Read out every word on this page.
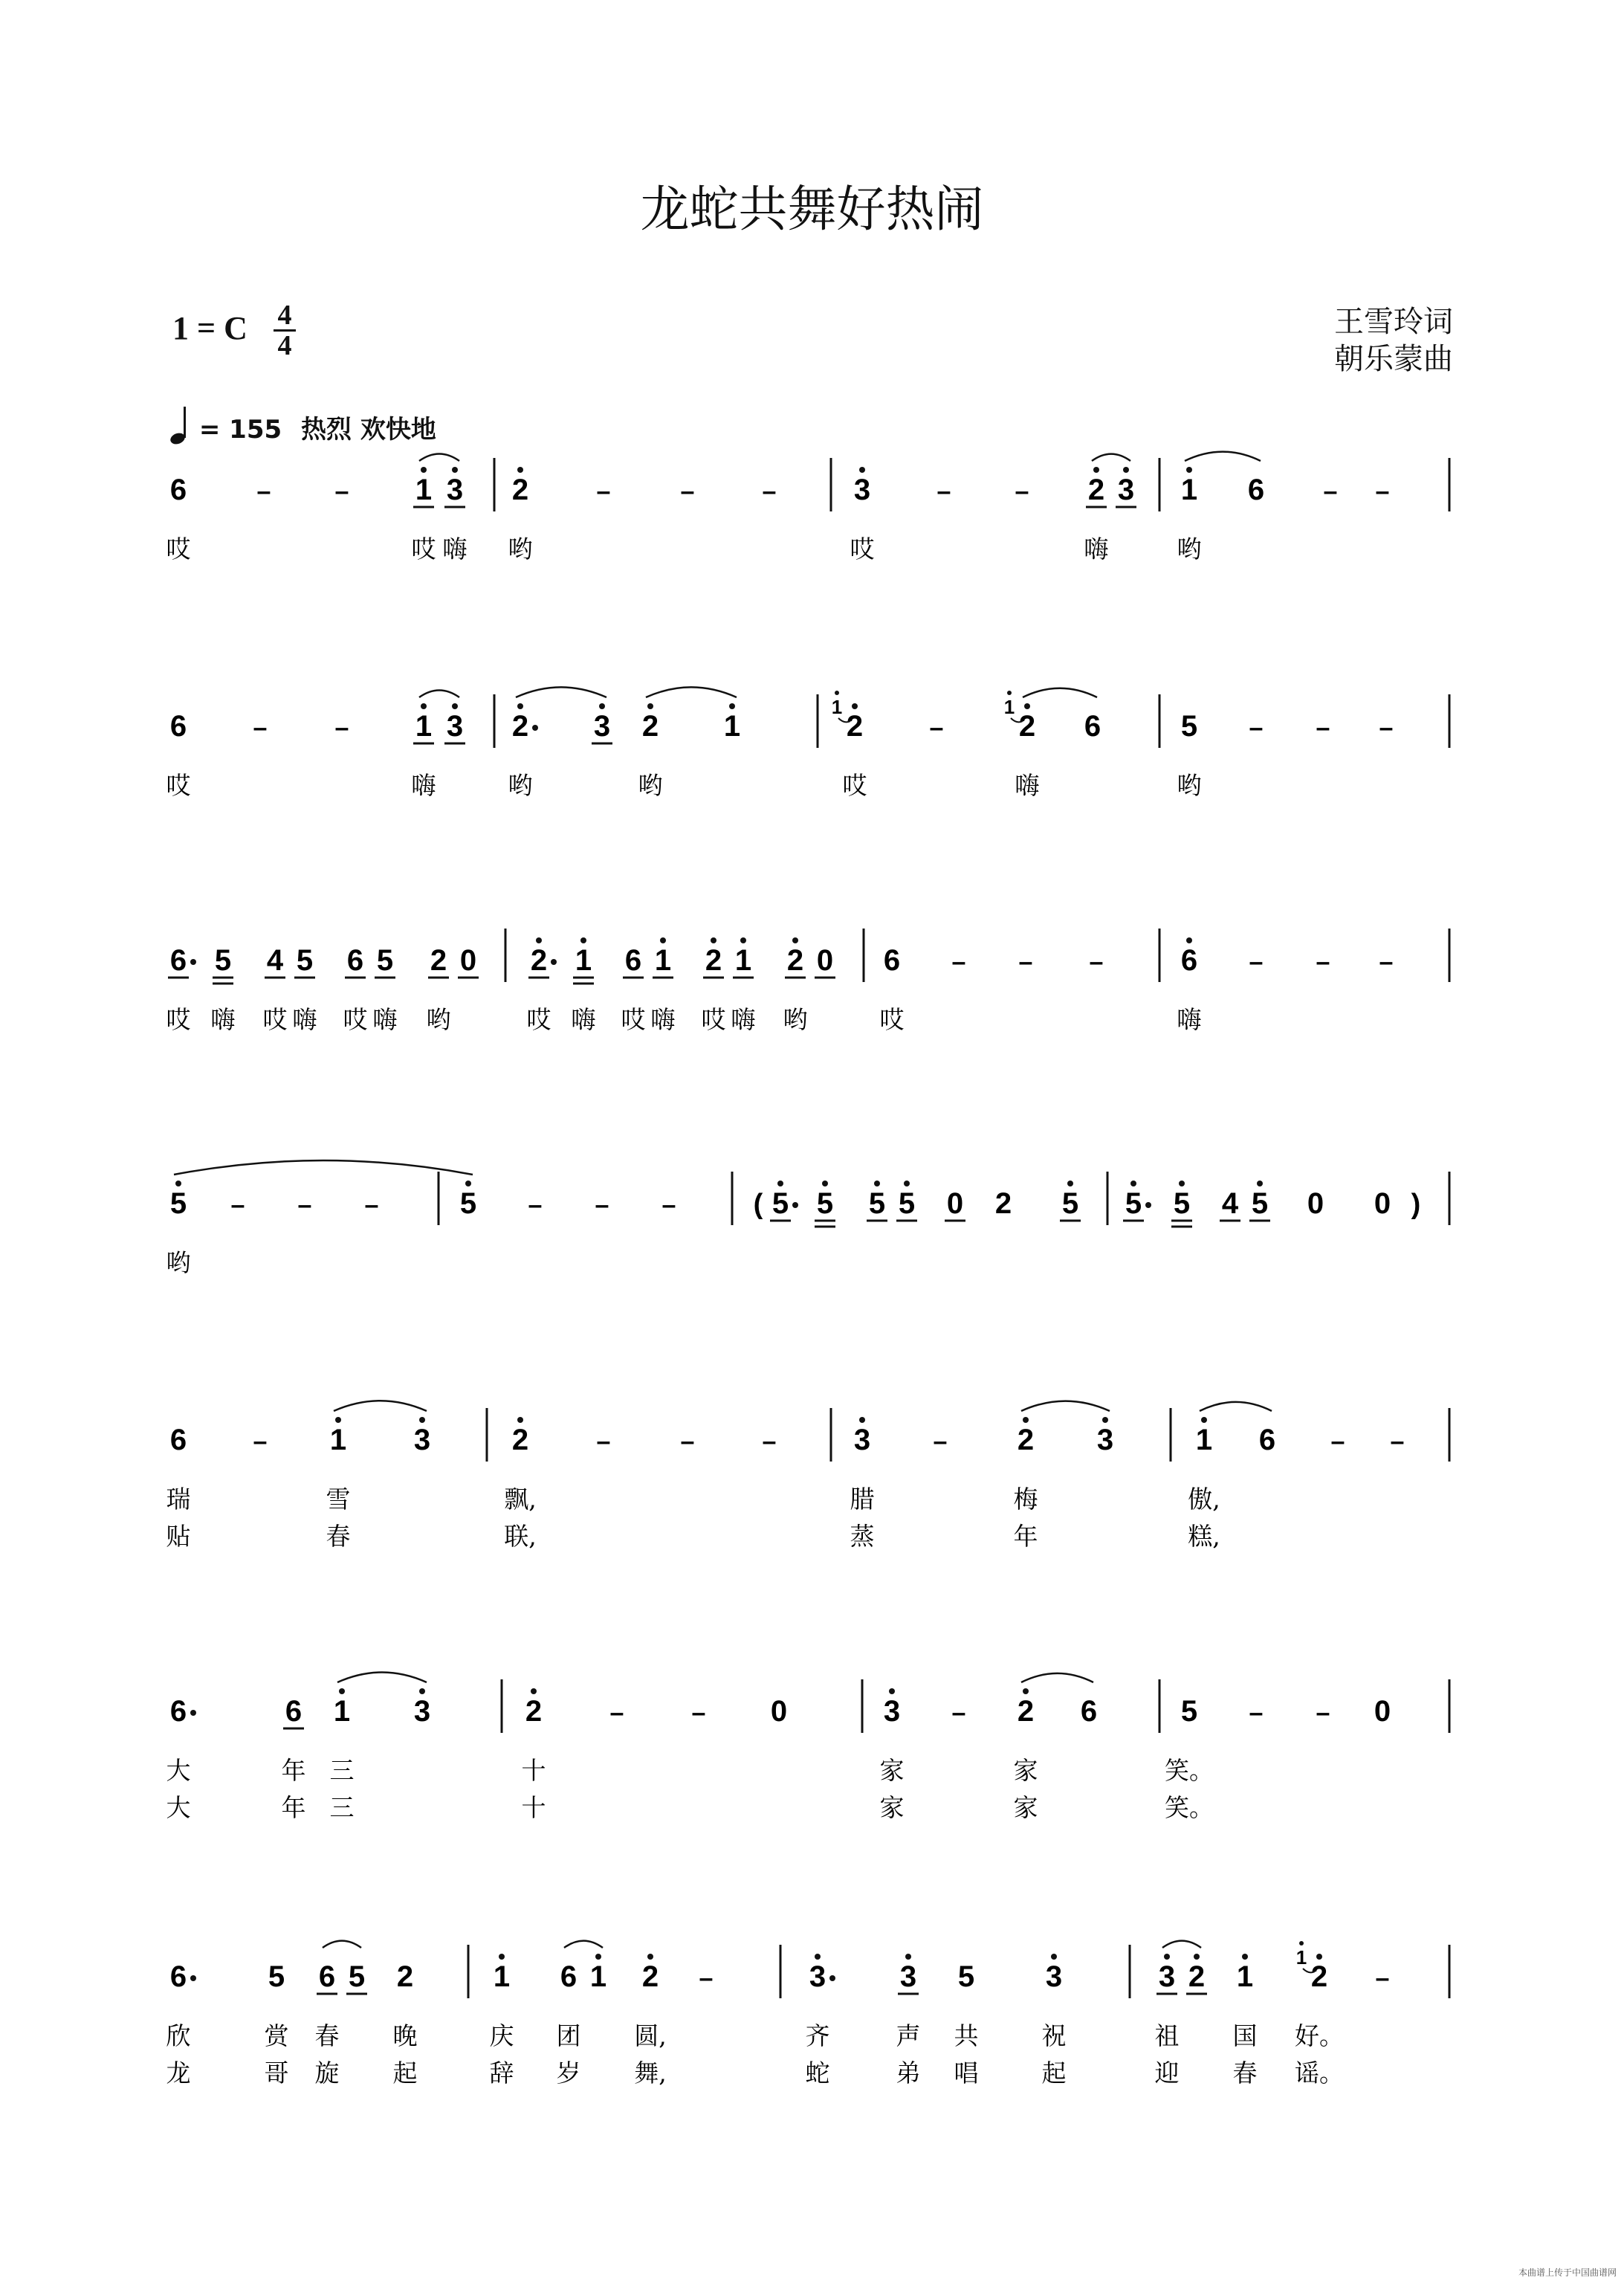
龙蛇共舞好热闹
1 = C 4
4
王雪玲词
朝乐蒙曲
= 155 热烈 欢快地
6	–	– 1 3 2	–	–	–	3	–	– 2 3 1 6 – –
哎	哎 嗨 哟	哎	嗨	哟
6	–	– 1 3 2 3 2 1	2
1
–	2
1
6	5 – – –
哎	嗨	哟	哟	哎	嗨	哟
6 5 4 5 6 5 2 0 2 1 6 1 2 1 2 0 6 – – –	6 – – –
哎 嗨 哎 嗨 哎 嗨 哟	哎 嗨 哎 嗨 哎 嗨 哟	哎	嗨
5 – – –	5 – – –	( 5 5 5 5 0 2 5 5 5 4 5 0 0 )
哟
6	– 1 3	2	–	–	–	3 – 2 3	1 6 – –
瑞	雪	飘,	腊	梅	傲,
贴	春	联,	蒸	年	糕,
6	6 1 3	2	–	– 0	3 – 2 6	5 – – 0
大	年 三	十	家	家	笑。
大	年 三	十	家	家	笑。
6	5 6 5 2	1 6 1 2 –	3 3 5 3	3 2 1 2
1
–
欣	赏 春 晚	庆 团 圆,	齐	声 共	祝	祖 国 好。
龙	哥 旋 起	辞 岁 舞,	蛇	弟 唱	起	迎 春 谣。
本曲谱上传于中国曲谱网
